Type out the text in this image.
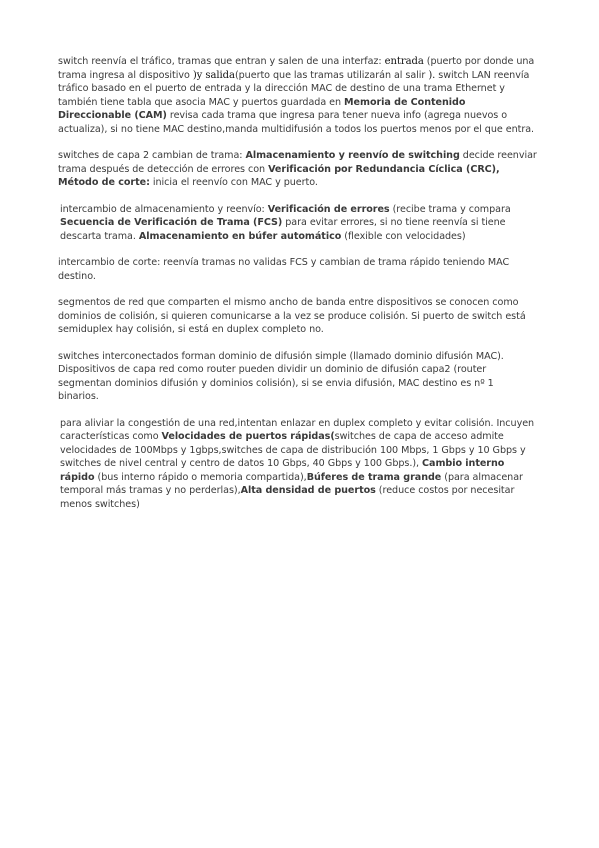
switch reenvía el tráfico, tramas que entran y salen de una interfaz: entrada (puerto por donde una trama ingresa al dispositivo )y salida(puerto que las tramas utilizarán al salir ). switch LAN reenvía tráfico basado en el puerto de entrada y la dirección MAC de destino de una trama Ethernet y también tiene tabla que asocia MAC y puertos guardada en Memoria de Contenido Direccionable (CAM) revisa cada trama que ingresa para tener nueva info (agrega nuevos o actualiza), si no tiene MAC destino,manda multidifusión a todos los puertos menos por el que entra.
switches de capa 2 cambian de trama: Almacenamiento y reenvío de switching decide reenviar trama después de detección de errores con Verificación por Redundancia Cíclica (CRC), Método de corte: inicia el reenvío con MAC y puerto.
intercambio de almacenamiento y reenvío: Verificación de errores (recibe trama y compara Secuencia de Verificación de Trama (FCS) para evitar errores, si no tiene reenvía si tiene descarta trama. Almacenamiento en búfer automático (flexible con velocidades)
intercambio de corte: reenvía tramas no validas FCS y cambian de trama rápido teniendo MAC destino.
segmentos de red que comparten el mismo ancho de banda entre dispositivos se conocen como dominios de colisión, si quieren comunicarse a la vez se produce colisión. Si puerto de switch está semiduplex hay colisión, si está en duplex completo no.
switches interconectados forman dominio de difusión simple (llamado dominio difusión MAC). Dispositivos de capa red como router pueden dividir un dominio de difusión capa2 (router segmentan dominios difusión y dominios colisión), si se envia difusión, MAC destino es nº 1 binarios.
para aliviar la congestión de una red,intentan enlazar en duplex completo y evitar colisión. Incuyen características como Velocidades de puertos rápidas(switches de capa de acceso admite velocidades de 100Mbps y 1gbps,switches de capa de distribución 100 Mbps, 1 Gbps y 10 Gbps y switches de nivel central y centro de datos 10 Gbps, 40 Gbps y 100 Gbps.), Cambio interno rápido (bus interno rápido o memoria compartida),Búferes de trama grande (para almacenar temporal más tramas y no perderlas),Alta densidad de puertos (reduce costos por necesitar menos switches)
